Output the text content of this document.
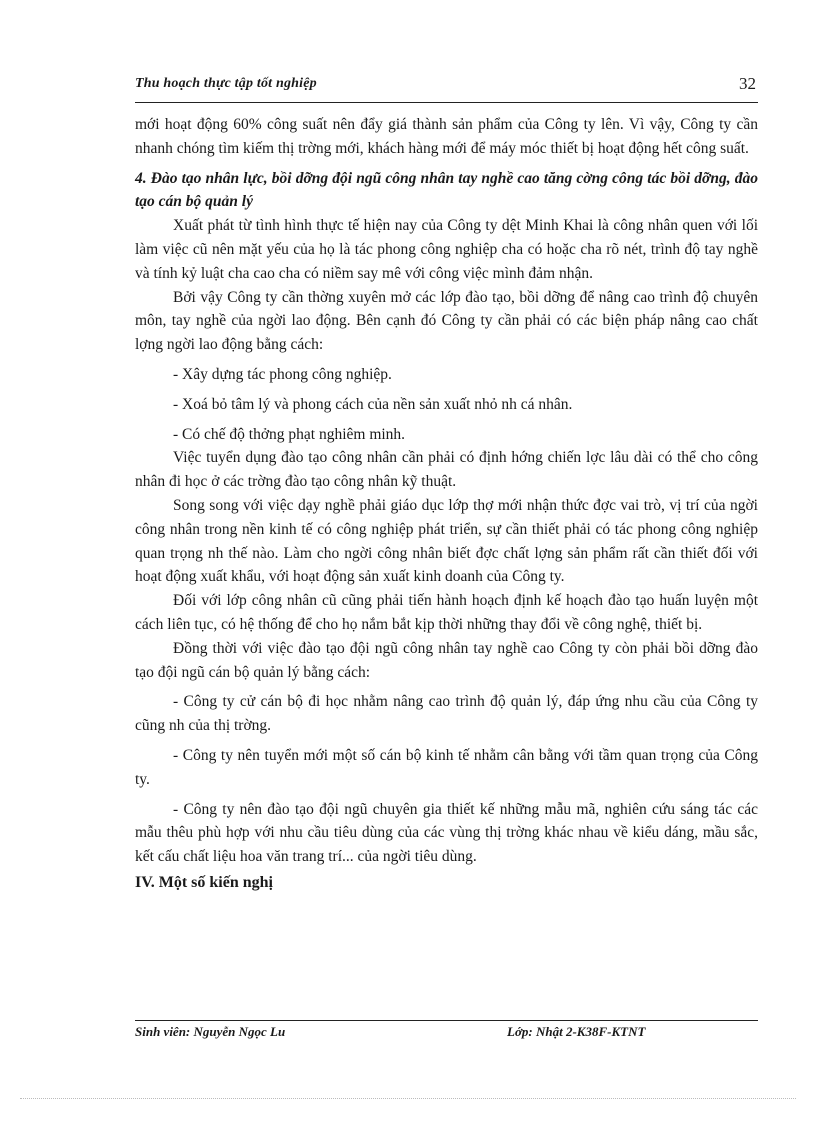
Thu hoạch thực tập tốt nghiệp	32

mới hoạt động 60% công suất nên đẩy giá thành sản phẩm của Công ty lên. Vì vậy, Công ty cần nhanh chóng tìm kiếm thị trờng mới, khách hàng mới để máy móc thiết bị hoạt động hết công suất.

4. Đào tạo nhân lực, bồi dỡng đội ngũ công nhân tay nghề cao tăng cờng công tác bồi dỡng, đào tạo cán bộ quản lý

Xuất phát từ tình hình thực tế hiện nay của Công ty dệt Minh Khai là công nhân quen với lối làm việc cũ nên mặt yếu của họ là tác phong công nghiệp cha có hoặc cha rõ nét, trình độ tay nghề và tính kỷ luật cha cao cha có niềm say mê với công việc mình đảm nhận.

Bởi vậy Công ty cần thờng xuyên mở các lớp đào tạo, bồi dỡng để nâng cao trình độ chuyên môn, tay nghề của ngời lao động. Bên cạnh đó Công ty cần phải có các biện pháp nâng cao chất lợng ngời lao động bằng cách:

- Xây dựng tác phong công nghiệp.

- Xoá bỏ tâm lý và phong cách của nền sản xuất nhỏ nh cá nhân.

- Có chế độ thởng phạt nghiêm minh.

Việc tuyển dụng đào tạo công nhân cần phải có định hớng chiến lợc lâu dài có thể cho công nhân đi học ở các trờng đào tạo công nhân kỹ thuật.

Song song với việc dạy nghề phải giáo dục lớp thợ mới nhận thức đợc vai trò, vị trí của ngời công nhân trong nền kinh tế có công nghiệp phát triển, sự cần thiết phải có tác phong công nghiệp quan trọng nh thế nào. Làm cho ngời công nhân biết đợc chất lợng sản phẩm rất cần thiết đối với hoạt động xuất khẩu, với hoạt động sản xuất kinh doanh của Công ty.

Đối với lớp công nhân cũ cũng phải tiến hành hoạch định kế hoạch đào tạo huấn luyện một cách liên tục, có hệ thống để cho họ nắm bắt kịp thời những thay đổi về công nghệ, thiết bị.

Đồng thời với việc đào tạo đội ngũ công nhân tay nghề cao Công ty còn phải bồi dỡng đào tạo đội ngũ cán bộ quản lý bằng cách:

- Công ty cử cán bộ đi học nhằm nâng cao trình độ quản lý, đáp ứng nhu cầu của Công ty cũng nh của thị trờng.

- Công ty nên tuyển mới một số cán bộ kinh tế nhằm cân bằng với tầm quan trọng của Công ty.

- Công ty nên đào tạo đội ngũ chuyên gia thiết kế những mẫu mã, nghiên cứu sáng tác các mẫu thêu phù hợp với nhu cầu tiêu dùng của các vùng thị trờng khác nhau về kiểu dáng, mầu sắc, kết cấu chất liệu hoa văn trang trí... của ngời tiêu dùng.

IV. Một số kiến nghị

Sinh viên: Nguyễn Ngọc Lu	Lớp: Nhật 2-K38F-KTNT
